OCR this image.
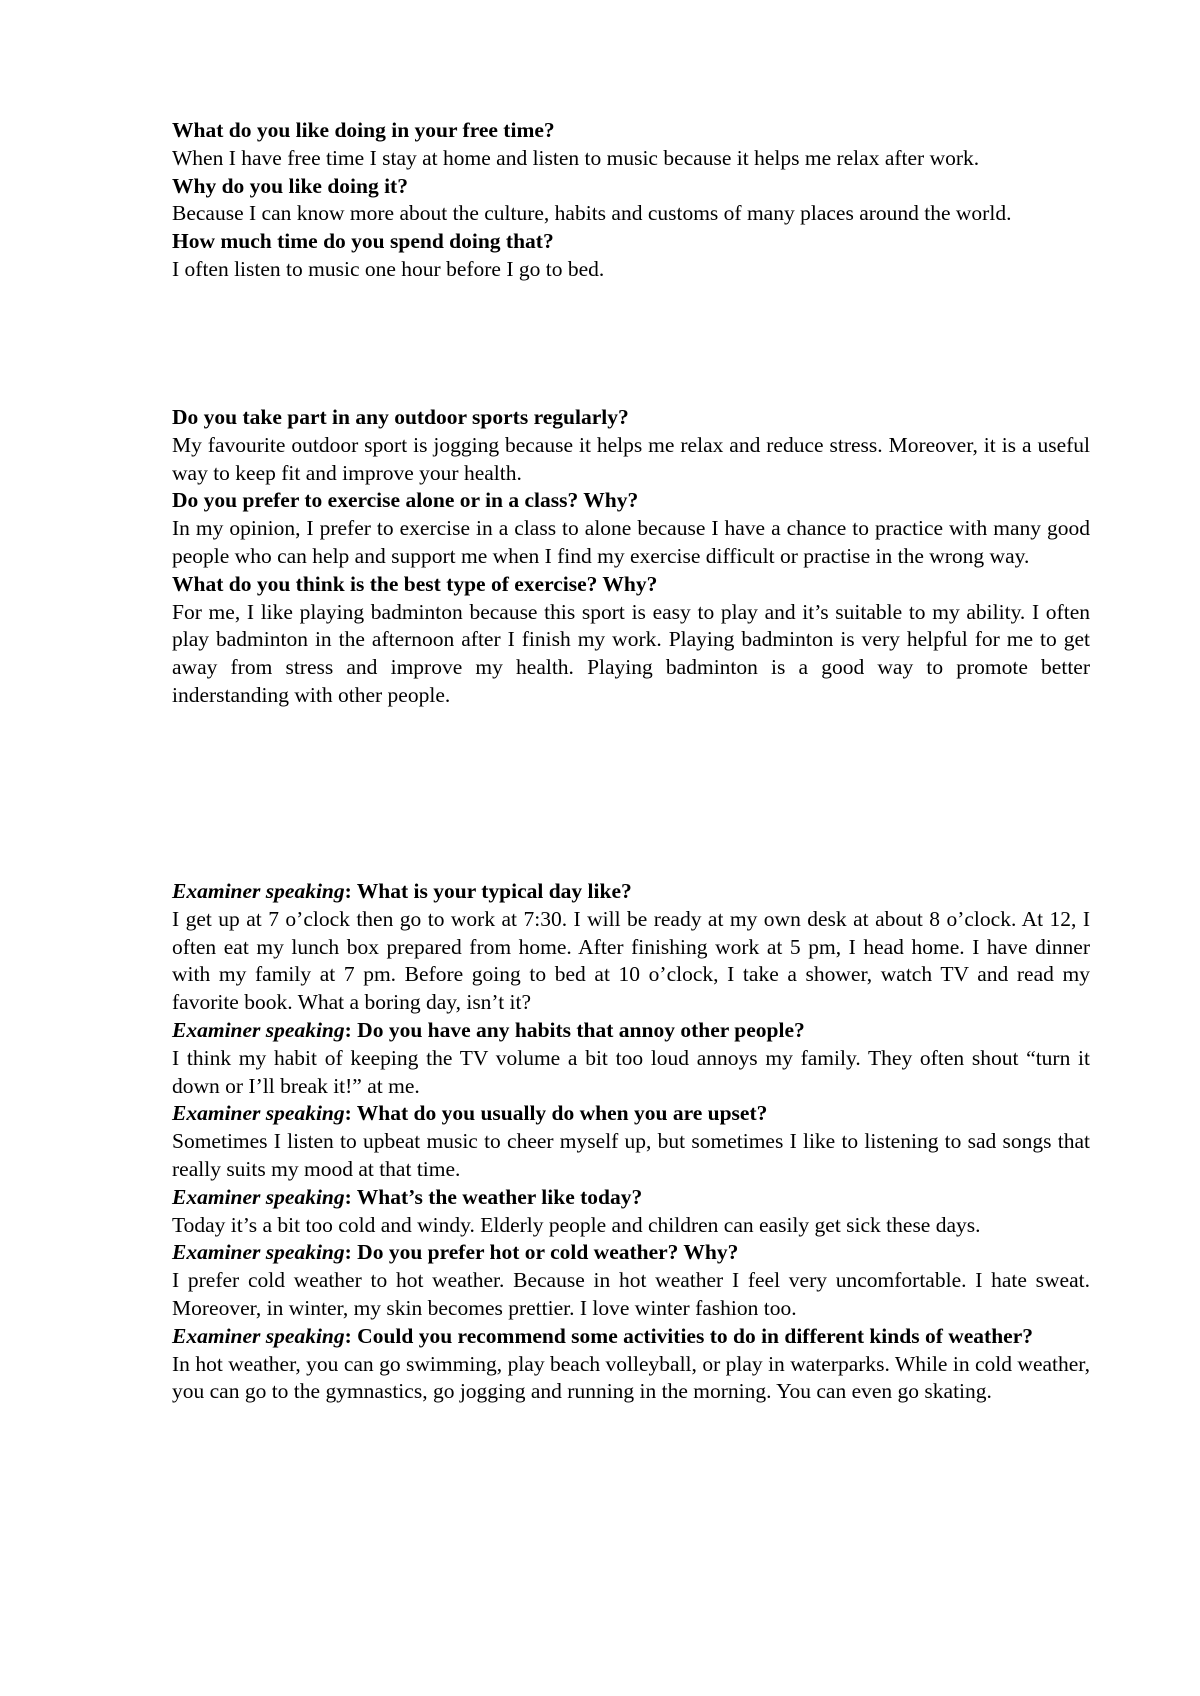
What do you like doing in your free time?

When I have free time I stay at home and listen to music because it helps me relax after work.

Why do you like doing it?

Because I can know more about the culture, habits and customs of many places around the world.

How much time do you spend doing that?

I often listen to music one hour before I go to bed.

Do you take part in any outdoor sports regularly?

My favourite outdoor sport is jogging because it helps me relax and reduce stress. Moreover, it is a useful way to keep fit and improve your health.

Do you prefer to exercise alone or in a class? Why?

In my opinion, I prefer to exercise in a class to alone because I have a chance to practice with many good people who can help and support me when I find my exercise difficult or practise in the wrong way.

What do you think is the best type of exercise? Why?

For me, I like playing badminton because this sport is easy to play and it’s suitable to my ability. I often play badminton in the afternoon after I finish my work. Playing badminton is very helpful for me to get away from stress and improve my health. Playing badminton is a good way to promote better inderstanding with other people.

Examiner speaking: What is your typical day like?

I get up at 7 o’clock then go to work at 7:30. I will be ready at my own desk at about 8 o’clock. At 12, I often eat my lunch box prepared from home. After finishing work at 5 pm, I head home. I have dinner with my family at 7 pm. Before going to bed at 10 o’clock, I take a shower, watch TV and read my favorite book. What a boring day, isn’t it?

Examiner speaking: Do you have any habits that annoy other people?

I think my habit of keeping the TV volume a bit too loud annoys my family. They often shout “turn it down or I’ll break it!” at me.

Examiner speaking: What do you usually do when you are upset?

Sometimes I listen to upbeat music to cheer myself up, but sometimes I like to listening to sad songs that really suits my mood at that time.

Examiner speaking: What’s the weather like today?

Today it’s a bit too cold and windy. Elderly people and children can easily get sick these days.

Examiner speaking: Do you prefer hot or cold weather? Why?

I prefer cold weather to hot weather. Because in hot weather I feel very uncomfortable. I hate sweat. Moreover, in winter, my skin becomes prettier. I love winter fashion too.

Examiner speaking: Could you recommend some activities to do in different kinds of weather?

In hot weather, you can go swimming, play beach volleyball, or play in waterparks. While in cold weather, you can go to the gymnastics, go jogging and running in the morning. You can even go skating.
